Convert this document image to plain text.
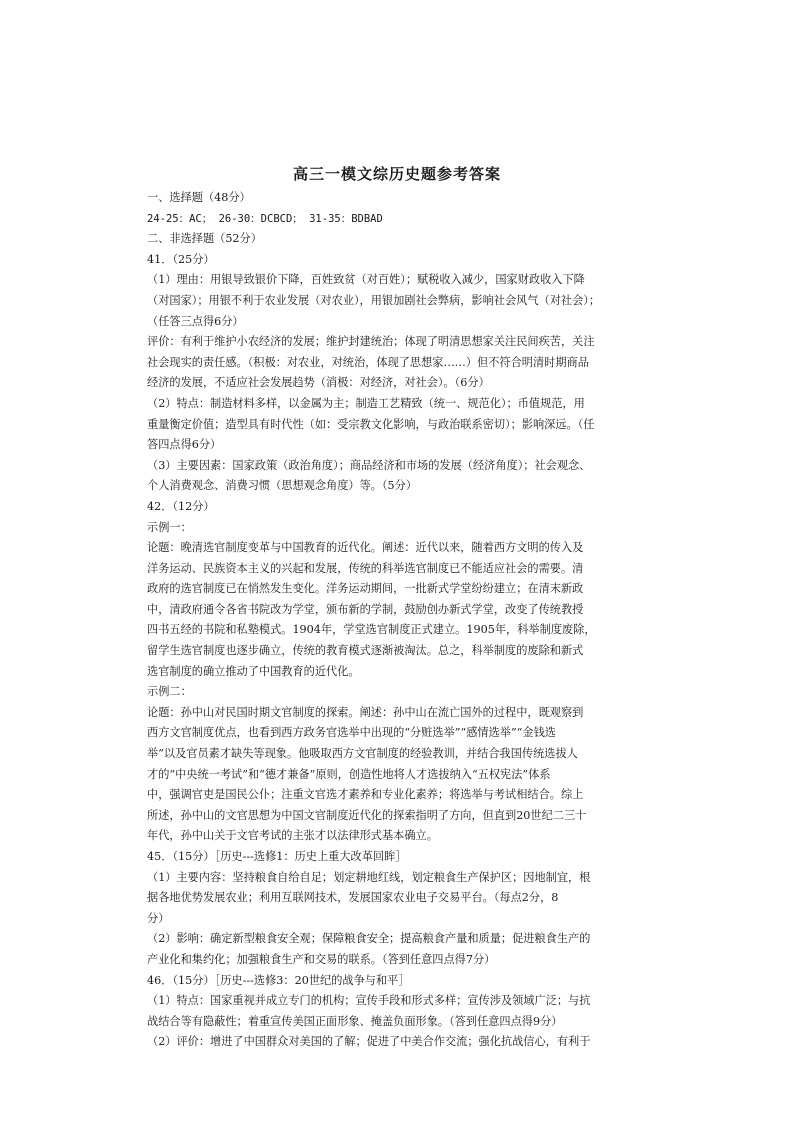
高三一模文综历史题参考答案
一、选择题（48分）
24-25：AC； 26-30：DCBCD； 31-35：BDBAD
二、非选择题（52分）
41．（25分）
（1）理由：用银导致银价下降，百姓致贫（对百姓）；赋税收入减少，国家财政收入下降
（对国家）；用银不利于农业发展（对农业），用银加剧社会弊病，影响社会风气（对社会）；
（任答三点得6分）
评价：有利于维护小农经济的发展；维护封建统治；体现了明清思想家关注民间疾苦，关注
社会现实的责任感。（积极：对农业，对统治，体现了思想家……）但不符合明清时期商品
经济的发展，不适应社会发展趋势（消极：对经济，对社会）。（6分）
（2）特点：制造材料多样，以金属为主；制造工艺精致（统一、规范化）；币值规范，用
重量衡定价值；造型具有时代性（如：受宗教文化影响，与政治联系密切）；影响深远。（任
答四点得6分）
（3）主要因素：国家政策（政治角度）；商品经济和市场的发展（经济角度）；社会观念、
个人消费观念、消费习惯（思想观念角度）等。（5分）
42．（12分）
示例一：
论题：晚清选官制度变革与中国教育的近代化。阐述：近代以来，随着西方文明的传入及
洋务运动、民族资本主义的兴起和发展，传统的科举选官制度已不能适应社会的需要。清
政府的选官制度已在悄然发生变化。洋务运动期间，一批新式学堂纷纷建立；在清末新政
中，清政府通令各省书院改为学堂，颁布新的学制，鼓励创办新式学堂，改变了传统教授
四书五经的书院和私塾模式。1904年，学堂选官制度正式建立。1905年，科举制度废除，
留学生选官制度也逐步确立，传统的教育模式逐渐被淘汰。总之，科举制度的废除和新式
选官制度的确立推动了中国教育的近代化。
示例二：
论题：孙中山对民国时期文官制度的探索。阐述：孙中山在流亡国外的过程中，既观察到
西方文官制度优点，也看到西方政务官选举中出现的“分赃选举”“感情选举”“金钱选
举”以及官员素才缺失等现象。他吸取西方文官制度的经验教训，并结合我国传统选拔人
才的“中央统一考试”和“德才兼备”原则，创造性地将人才选拔纳入“五权宪法”体系
中，强调官吏是国民公仆；注重文官选才素养和专业化素养；将选举与考试相结合。综上
所述，孙中山的文官思想为中国文官制度近代化的探索指明了方向，但直到20世纪二三十
年代，孙中山关于文官考试的主张才以法律形式基本确立。
45．（15分）［历史---选修1：历史上重大改革回眸］
（1）主要内容：坚持粮食自给自足；划定耕地红线，划定粮食生产保护区；因地制宜，根
据各地优势发展农业；利用互联网技术，发展国家农业电子交易平台。（每点2分，8
分）
（2）影响：确定新型粮食安全观；保障粮食安全；提高粮食产量和质量；促进粮食生产的
产业化和集约化；加强粮食生产和交易的联系。（答到任意四点得7分）
46．（15分）［历史---选修3：20世纪的战争与和平］
（1）特点：国家重视并成立专门的机构；宣传手段和形式多样；宣传涉及领域广泛；与抗
战结合等有隐蔽性；着重宣传美国正面形象、掩盖负面形象。（答到任意四点得9分）
（2）评价：增进了中国群众对美国的了解；促进了中美合作交流；强化抗战信心，有利于
